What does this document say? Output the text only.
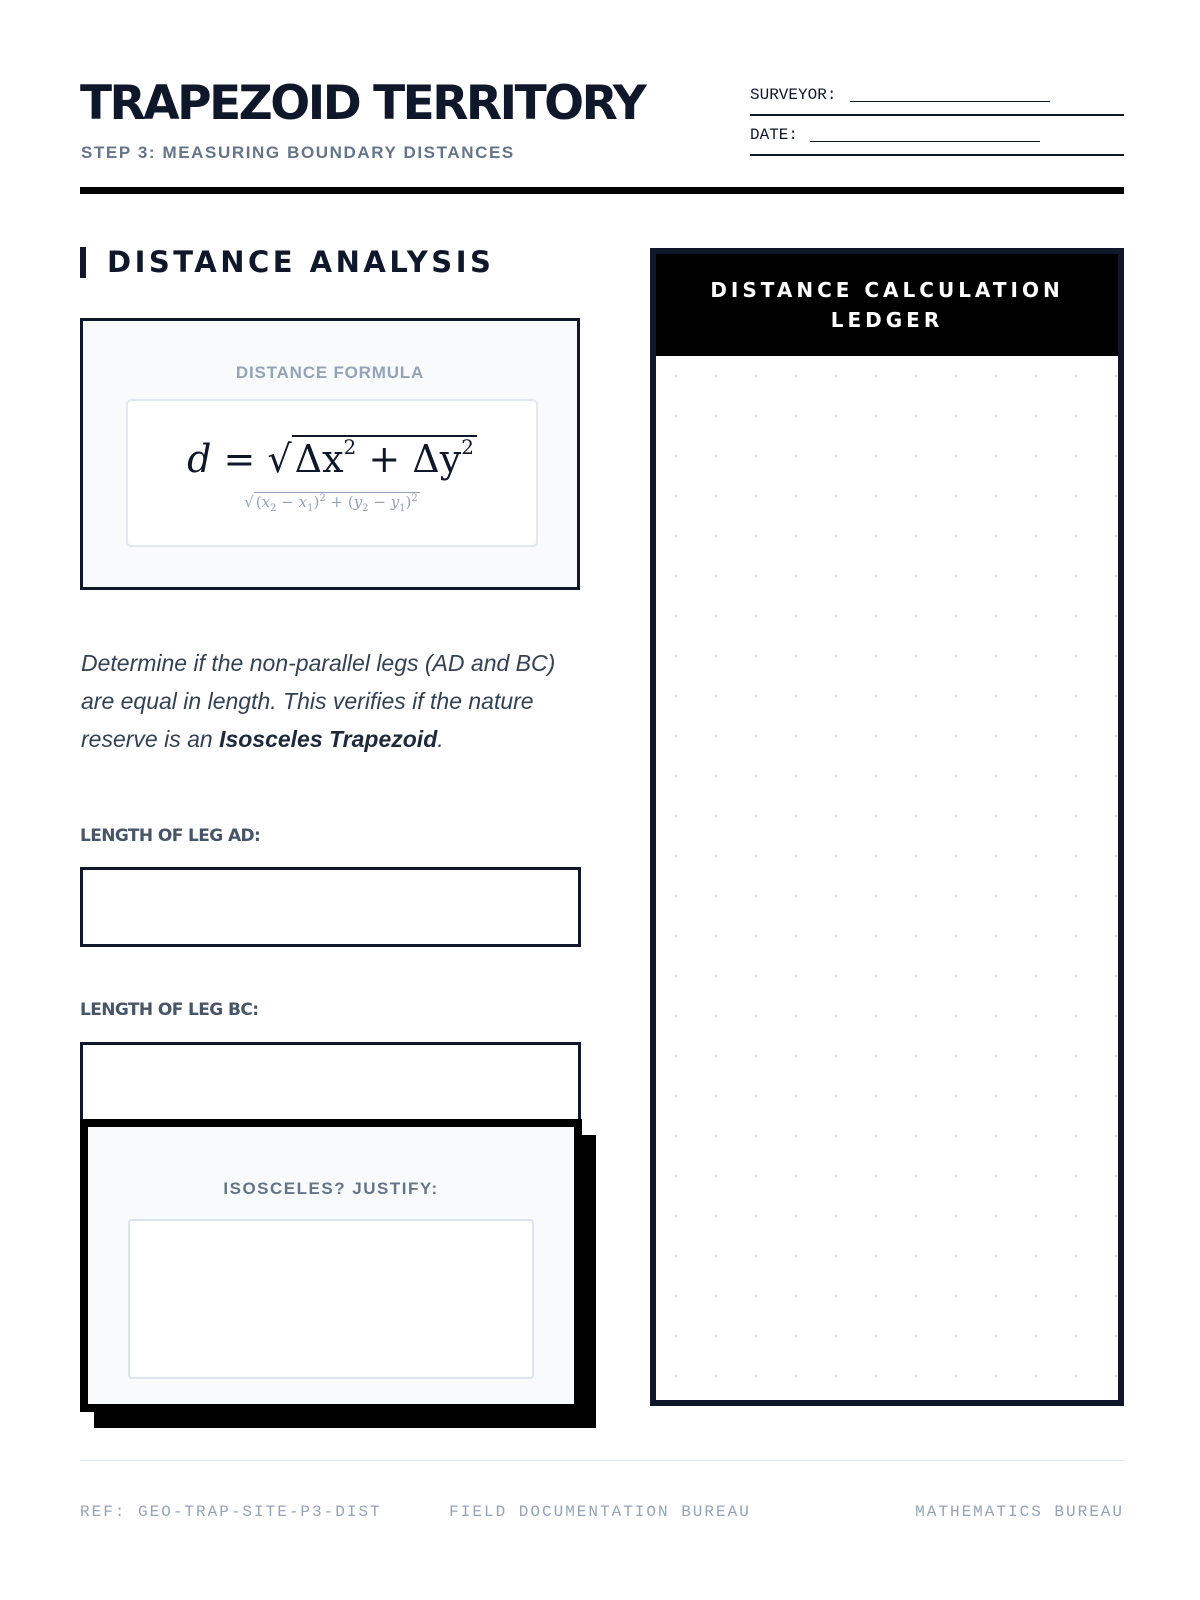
TRAPEZOID TERRITORY
STEP 3: MEASURING BOUNDARY DISTANCES
SURVEYOR:
DATE:
DISTANCE ANALYSIS
DISTANCE FORMULA
$d = √\Delta x^2 + \Delta y^2$
√ $(x_2 - x_1)^2 + (y_2 - y_1)^2$

Determine if the non-parallel legs (AD and BC) are equal in length. This verifies if the nature reserve is an Isosceles Trapezoid.

LENGTH OF LEG AD:
LENGTH OF LEG BC:
ISOSCELES? JUSTIFY:
DISTANCE CALCULATION LEDGER
FIELD DOCUMENTATION BUREAU
REF: GEO-TRAP-SITE-P3-DIST	MATHEMATICS BUREAU
